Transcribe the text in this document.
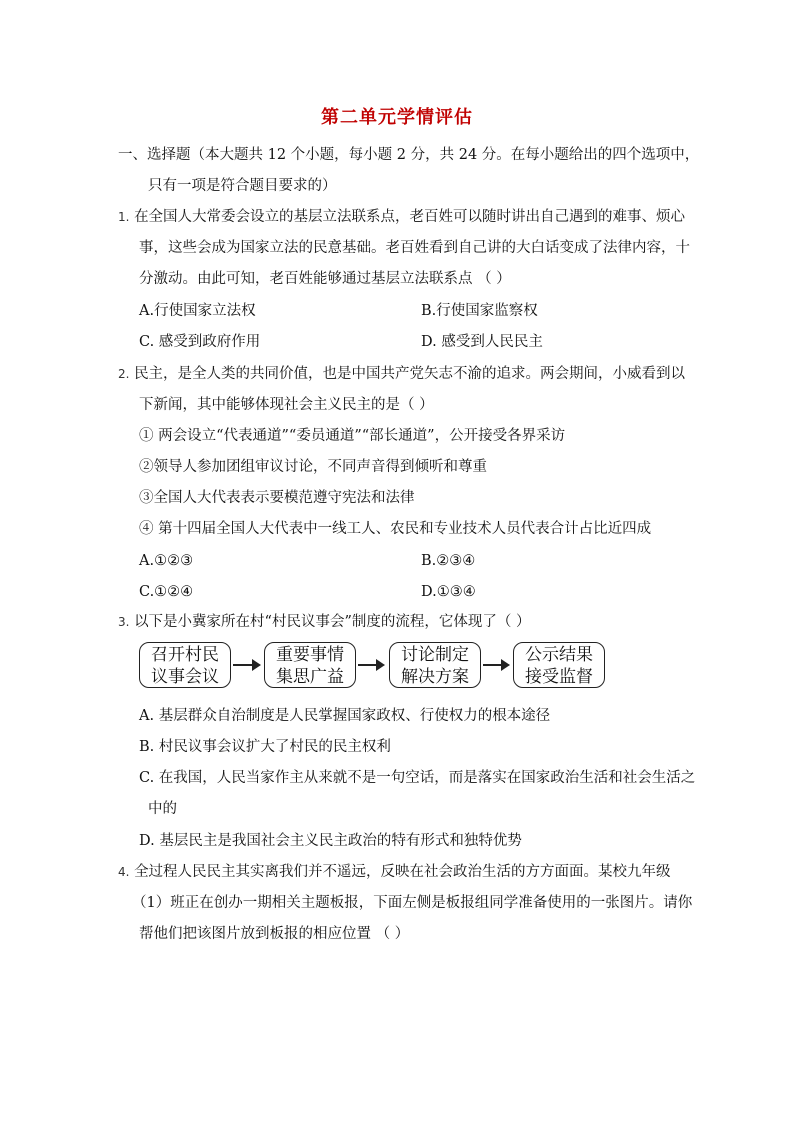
第二单元学情评估
一、选择题（本大题共 12 个小题，每小题 2 分，共 24 分。在每小题给出的四个选项中，
只有一项是符合题目要求的）
1. 在全国人大常委会设立的基层立法联系点，老百姓可以随时讲出自己遇到的难事、烦心
事，这些会成为国家立法的民意基础。老百姓看到自己讲的大白话变成了法律内容，十
分激动。由此可知，老百姓能够通过基层立法联系点 （ ）
A.行使国家立法权	B.行使国家监察权
C. 感受到政府作用	D. 感受到人民民主
2. 民主，是全人类的共同价值，也是中国共产党矢志不渝的追求。两会期间，小威看到以
下新闻，其中能够体现社会主义民主的是（ ）
① 两会设立“代表通道”“委员通道”“部长通道”，公开接受各界采访
②领导人参加团组审议讨论，不同声音得到倾听和尊重
③全国人大代表表示要模范遵守宪法和法律
④ 第十四届全国人大代表中一线工人、农民和专业技术人员代表合计占比近四成
A.①②③	B.②③④
C.①②④	D.①③④
3. 以下是小冀家所在村“村民议事会”制度的流程，它体现了（ ）
召开村民
议事会议
重要事情
集思广益
讨论制定
解决方案
公示结果
接受监督
A. 基层群众自治制度是人民掌握国家政权、行使权力的根本途径
B. 村民议事会议扩大了村民的民主权利
C. 在我国，人民当家作主从来就不是一句空话，而是落实在国家政治生活和社会生活之
中的
D. 基层民主是我国社会主义民主政治的特有形式和独特优势
4. 全过程人民民主其实离我们并不遥远，反映在社会政治生活的方方面面。某校九年级
（1）班正在创办一期相关主题板报，下面左侧是板报组同学准备使用的一张图片。请你
帮他们把该图片放到板报的相应位置 （ ）
